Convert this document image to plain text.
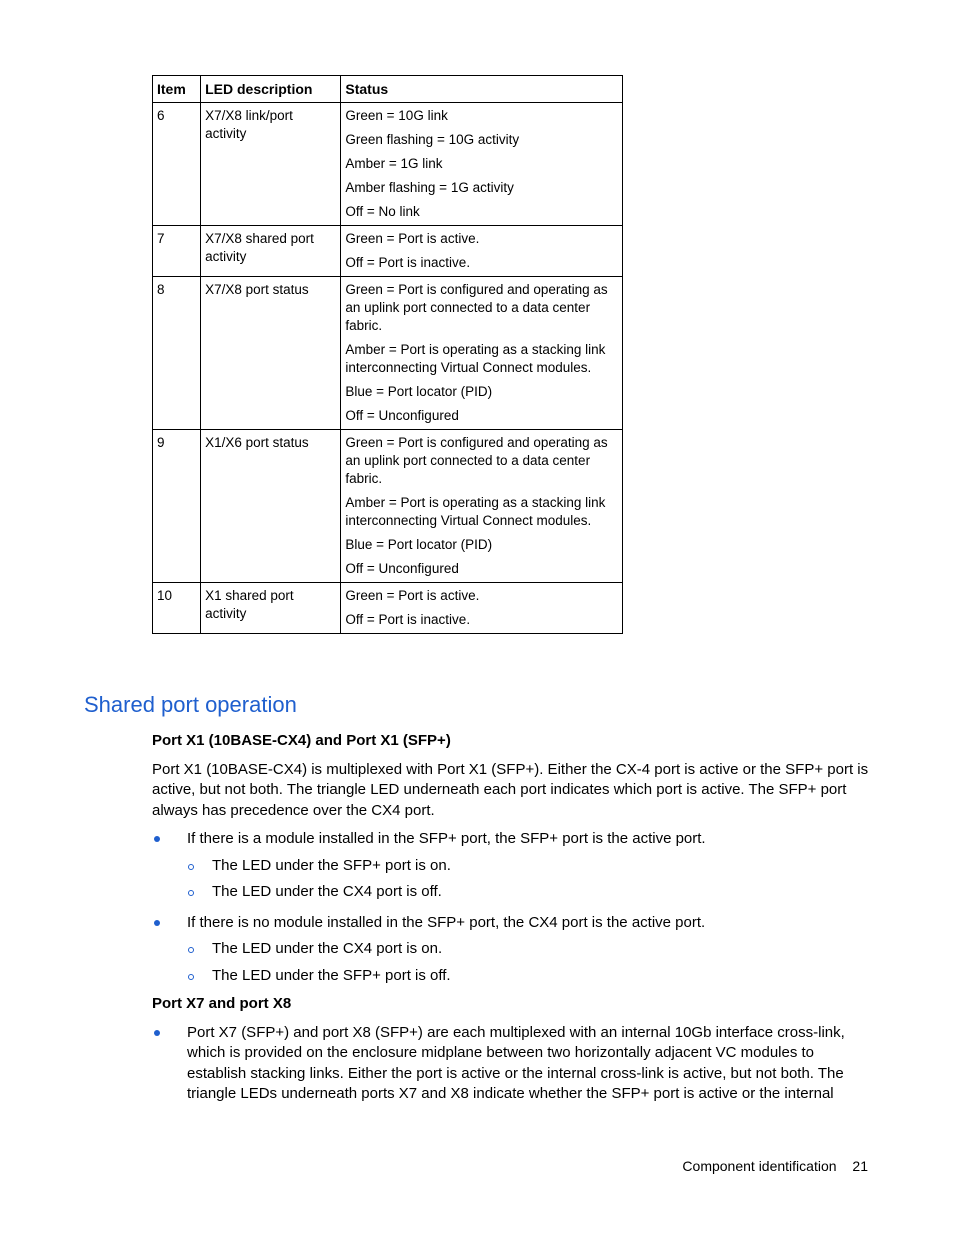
Item	LED description	Status
6	X7/X8 link/port activity	Green = 10G link

Green flashing = 10G activity

Amber = 1G link

Amber flashing = 1G activity

Off = No link

7	X7/X8 shared port activity	Green = Port is active.

Off = Port is inactive.

8	X7/X8 port status	Green = Port is configured and operating as an uplink port connected to a data center fabric.

Amber = Port is operating as a stacking link interconnecting Virtual Connect modules.

Blue = Port locator (PID)

Off = Unconfigured

9	X1/X6 port status	Green = Port is configured and operating as an uplink port connected to a data center fabric.

Amber = Port is operating as a stacking link interconnecting Virtual Connect modules.

Blue = Port locator (PID)

Off = Unconfigured

10	X1 shared port activity	Green = Port is active.

Off = Port is inactive.

Shared port operation

Port X1 (10BASE-CX4) and Port X1 (SFP+)

Port X1 (10BASE-CX4) is multiplexed with Port X1 (SFP+). Either the CX-4 port is active or the SFP+ port is active, but not both. The triangle LED underneath each port indicates which port is active. The SFP+ port always has precedence over the CX4 port.

If there is a module installed in the SFP+ port, the SFP+ port is the active port.
The LED under the SFP+ port is on.
The LED under the CX4 port is off.
If there is no module installed in the SFP+ port, the CX4 port is the active port.
The LED under the CX4 port is on.
The LED under the SFP+ port is off.

Port X7 and port X8

Port X7 (SFP+) and port X8 (SFP+) are each multiplexed with an internal 10Gb interface cross-link, which is provided on the enclosure midplane between two horizontally adjacent VC modules to establish stacking links. Either the port is active or the internal cross-link is active, but not both. The triangle LEDs underneath ports X7 and X8 indicate whether the SFP+ port is active or the internal
Component identification 21
